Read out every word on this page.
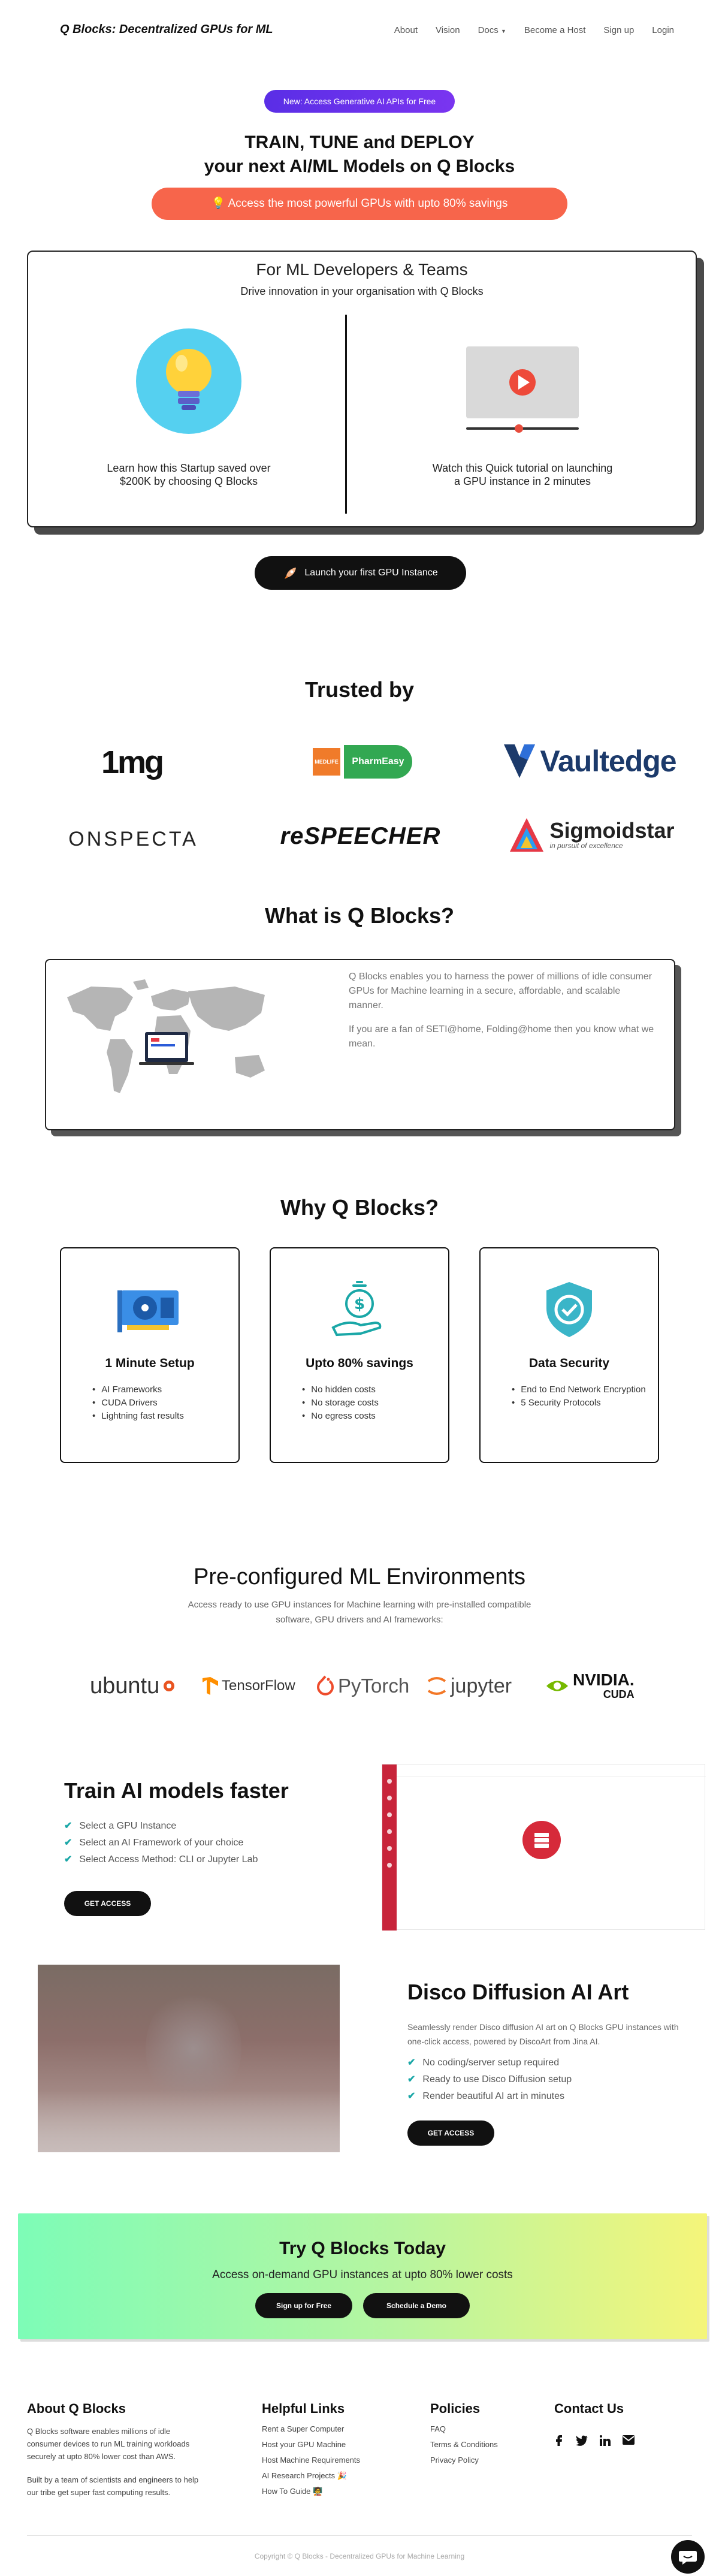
Q Blocks: Decentralized GPUs for ML	About Vision Docs ▼ Become a Host Sign up Login
New: Access Generative AI APIs for Free
TRAIN, TUNE and DEPLOY
your next AI/ML Models on Q Blocks
💡 Access the most powerful GPUs with upto 80% savings
For ML Developers & Teams
Drive innovation in your organisation with Q Blocks
Learn how this Startup saved over
$200K by choosing Q Blocks
Watch this Quick tutorial on launching
a GPU instance in 2 minutes
Launch your first GPU Instance
Trusted by
1mg	MEDLIFE	PharmEasy	Vaultedge
ONSPECTA	reSPEECHER	Sigmoidstar
in pursuit of excellence
What is Q Blocks?

Q Blocks enables you to harness the power of millions of idle consumer GPUs for Machine learning in a secure, affordable, and scalable manner.

If you are a fan of SETI@home, Folding@home then you know what we mean.

Why Q Blocks?
1 Minute Setup
• AI Frameworks
• CUDA Drivers
• Lightning fast results
$
Upto 80% savings
• No hidden costs
• No storage costs
• No egress costs
Data Security
• End to End Network Encryption
• 5 Security Protocols
Pre-configured ML Environments
Access ready to use GPU instances for Machine learning with pre-installed compatible software, GPU drivers and AI frameworks:
ubuntu	TensorFlow PyTorch jupyter	NVIDIA.
CUDA
Train AI models faster
✔ Select a GPU Instance
✔ Select an AI Framework of your choice
✔ Select Access Method: CLI or Jupyter Lab
GET ACCESS
Disco Diffusion AI Art
Seamlessly render Disco diffusion AI art on Q Blocks GPU instances with one-click access, powered by DiscoArt from Jina AI.
✔ No coding/server setup required
✔ Ready to use Disco Diffusion setup
✔ Render beautiful AI art in minutes
GET ACCESS
Try Q Blocks Today
Access on-demand GPU instances at upto 80% lower costs
Sign up for Free	Schedule a Demo
About Q Blocks

Q Blocks software enables millions of idle consumer devices to run ML training workloads securely at upto 80% lower cost than AWS.

Built by a team of scientists and engineers to help our tribe get super fast computing results.

Helpful Links
Rent a Super Computer
Host your GPU Machine
Host Machine Requirements
AI Research Projects 🎉
How To Guide 🧑‍🏫
Policies
FAQ
Terms & Conditions
Privacy Policy
Contact Us
Copyright © Q Blocks - Decentralized GPUs for Machine Learning
